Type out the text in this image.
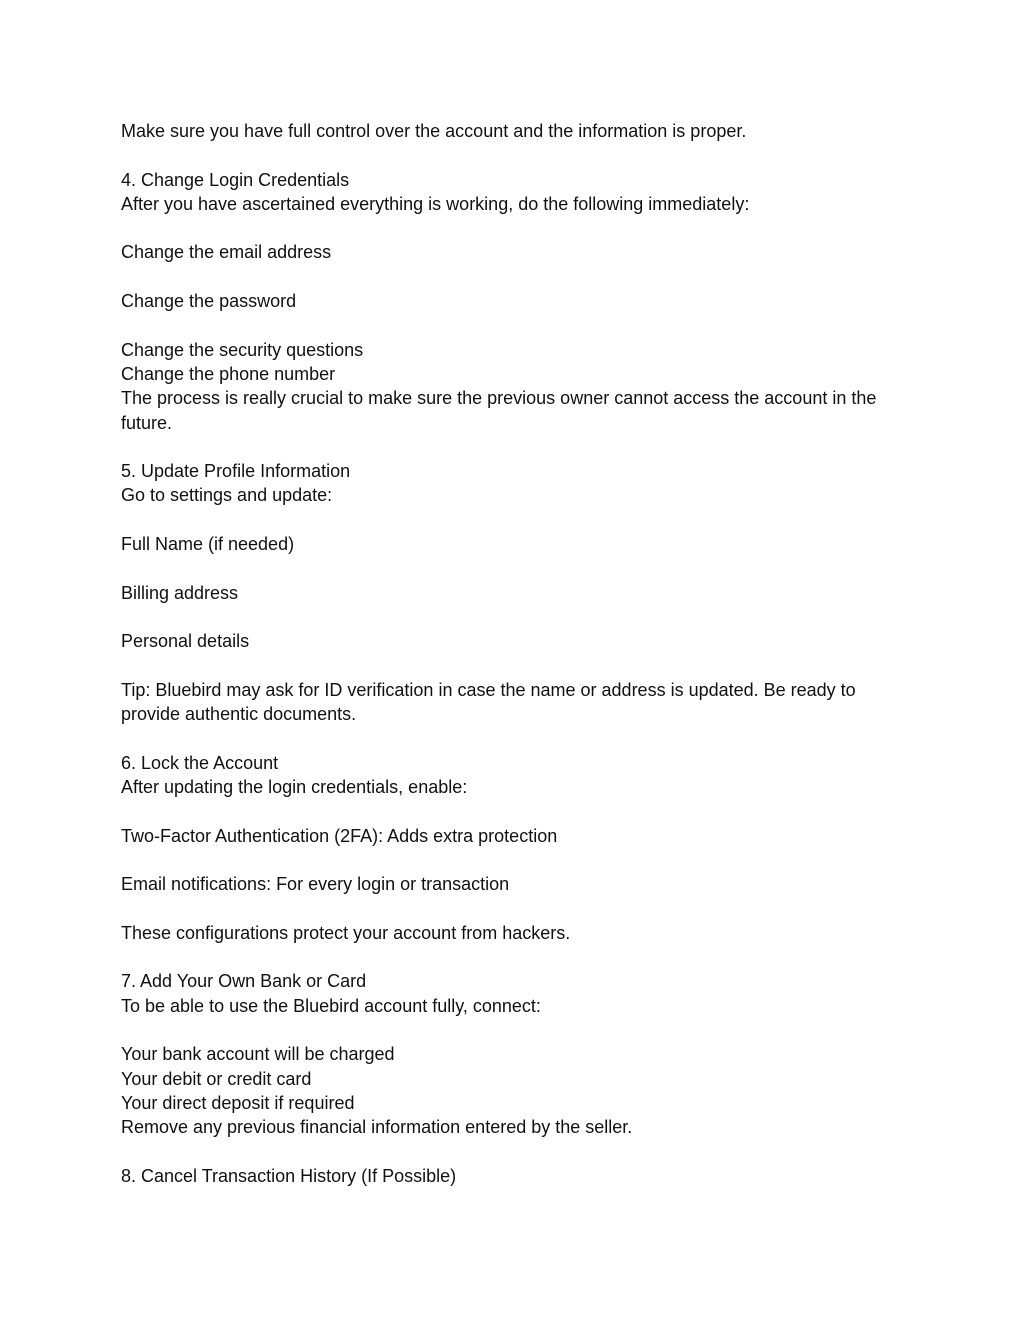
Make sure you have full control over the account and the information is proper.

4. Change Login Credentials

After you have ascertained everything is working, do the following immediately:

Change the email address

Change the password

Change the security questions

Change the phone number

The process is really crucial to make sure the previous owner cannot access the account in the future.

5. Update Profile Information

Go to settings and update:

Full Name (if needed)

Billing address

Personal details

Tip: Bluebird may ask for ID verification in case the name or address is updated. Be ready to provide authentic documents.

6. Lock the Account

After updating the login credentials, enable:

Two-Factor Authentication (2FA): Adds extra protection

Email notifications: For every login or transaction

These configurations protect your account from hackers.

7. Add Your Own Bank or Card

To be able to use the Bluebird account fully, connect:

Your bank account will be charged

Your debit or credit card

Your direct deposit if required

Remove any previous financial information entered by the seller.

8. Cancel Transaction History (If Possible)
